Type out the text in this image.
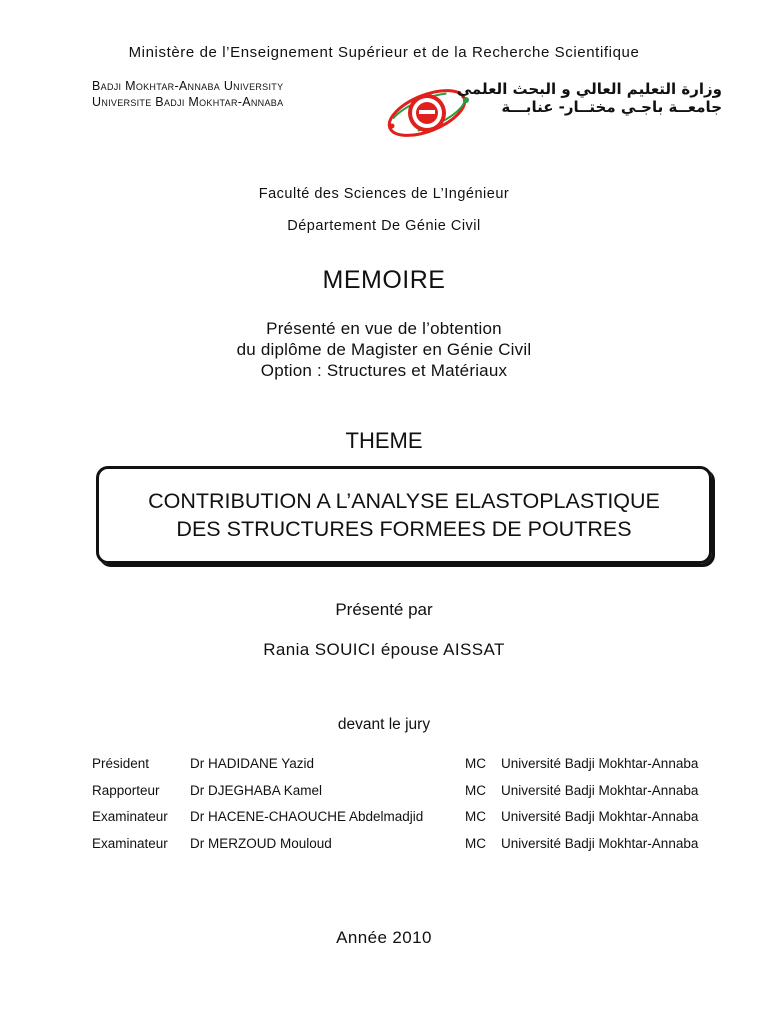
Ministère de l’Enseignement Supérieur et de la Recherche Scientifique
Badji Mokhtar-Annaba University
Universite Badji Mokhtar-Annaba
وزارة التعليم العالي و البحث العلمي
جامعــة باجـي مختــار- عنابـــة
Faculté des Sciences de L’Ingénieur
Département De Génie Civil
MEMOIRE
Présenté en vue de l’obtention
du diplôme de Magister en Génie Civil
Option : Structures et Matériaux
THEME
CONTRIBUTION A L’ANALYSE ELASTOPLASTIQUE
DES STRUCTURES FORMEES DE POUTRES
Présenté par
Rania SOUICI épouse AISSAT
devant le jury
Président	Dr HADIDANE Yazid	MC Université Badji Mokhtar-Annaba
Rapporteur Dr DJEGHABA Kamel	MC Université Badji Mokhtar-Annaba
Examinateur Dr HACENE-CHAOUCHE Abdelmadjid	MC Université Badji Mokhtar-Annaba
Examinateur Dr MERZOUD Mouloud	MC Université Badji Mokhtar-Annaba
Année 2010
